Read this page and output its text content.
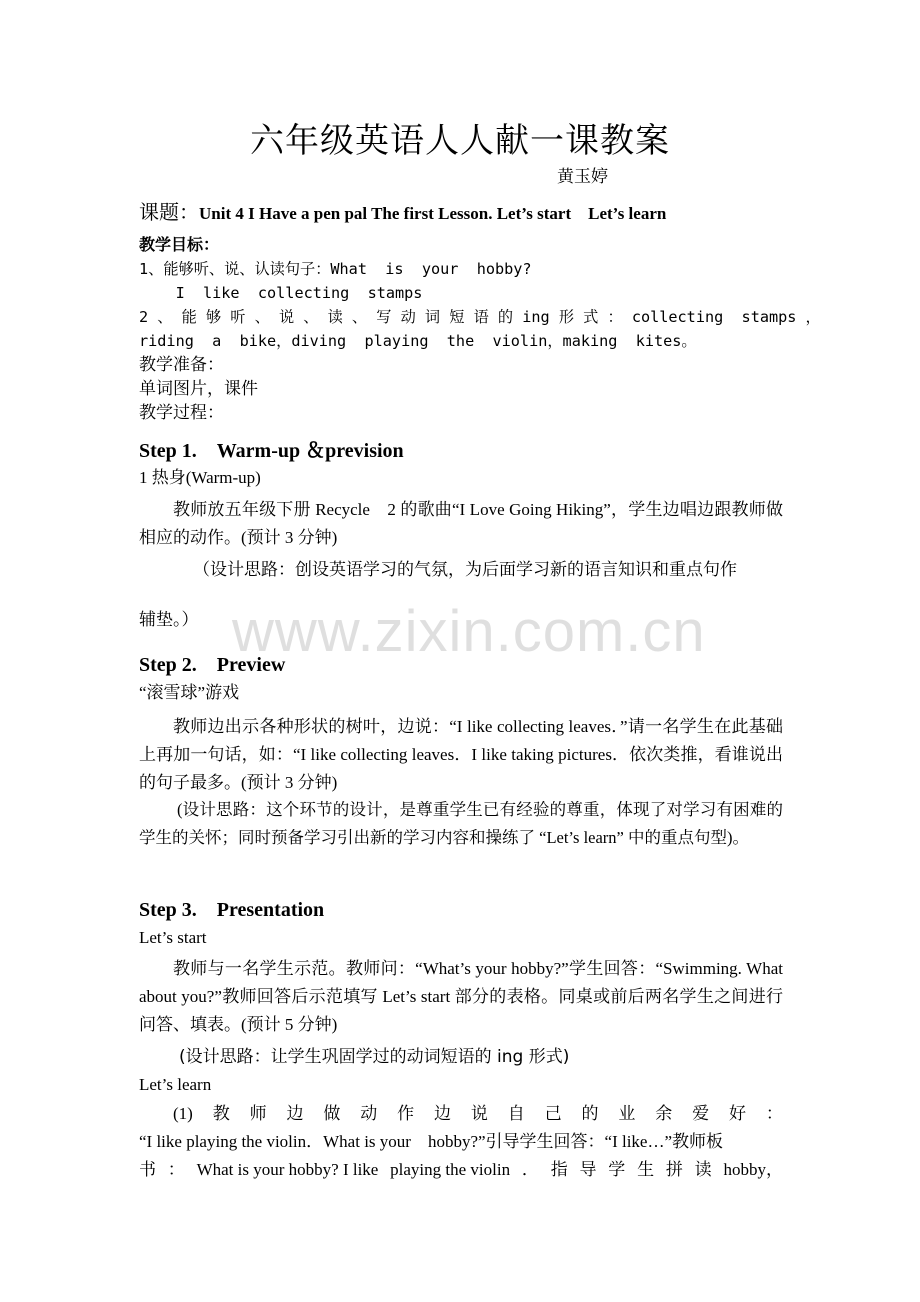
六年级英语人人献一课教案
黄玉婷
课题：Unit 4 I Have a pen pal The first Lesson. Let’s start　Let’s learn
教学目标：
1、能够听、说、认读句子：What  is  your  hobby?
I  like  collecting  stamps
2 、 能 够 听 、 说 、 读 、 写 动 词 短 语 的 ing 形 式 ： collecting  stamps ，
riding  a  bike，diving  playing  the  violin，making  kites。
教学准备：
单词图片，课件
教学过程：
Step 1.　Warm-up ＆prevision
1 热身(Warm-up)
教师放五年级下册 Recycle　2 的歌曲“I Love Going Hiking”，学生边唱边跟教师做相应的动作。(预计 3 分钟)
（设计思路：创设英语学习的气氛，为后面学习新的语言知识和重点句作
辅垫。） www.zixin.com.cn
Step 2.　Preview
“滚雪球”游戏
教师边出示各种形状的树叶，边说：“I like collecting leaves．”请一名学生在此基础上再加一句话，如：“I like collecting leaves．I like taking pictures．依次类推，看谁说出的句子最多。(预计 3 分钟)
(设计思路：这个环节的设计，是尊重学生已有经验的尊重，体现了对学习有困难的学生的关怀；同时预备学习引出新的学习内容和操练了 “Let’s learn” 中的重点句型)。
Step 3.　Presentation
Let’s start
教师与一名学生示范。教师问：“What’s your hobby?”学生回答：“Swimming. What about you?”教师回答后示范填写 Let’s start 部分的表格。同桌或前后两名学生之间进行问答、填表。(预计 5 分钟)
(设计思路：让学生巩固学过的动词短语的 ing 形式)
Let’s learn
(1) 教 师 边 做 动 作 边 说 自 己 的 业 余 爱 好 ：
“I like playing the violin．What is your　hobby?”引导学生回答：“I like…”教师板
书 ： What is your hobby? I like playing the violin ． 指 导 学 生 拼 读 hobby，
